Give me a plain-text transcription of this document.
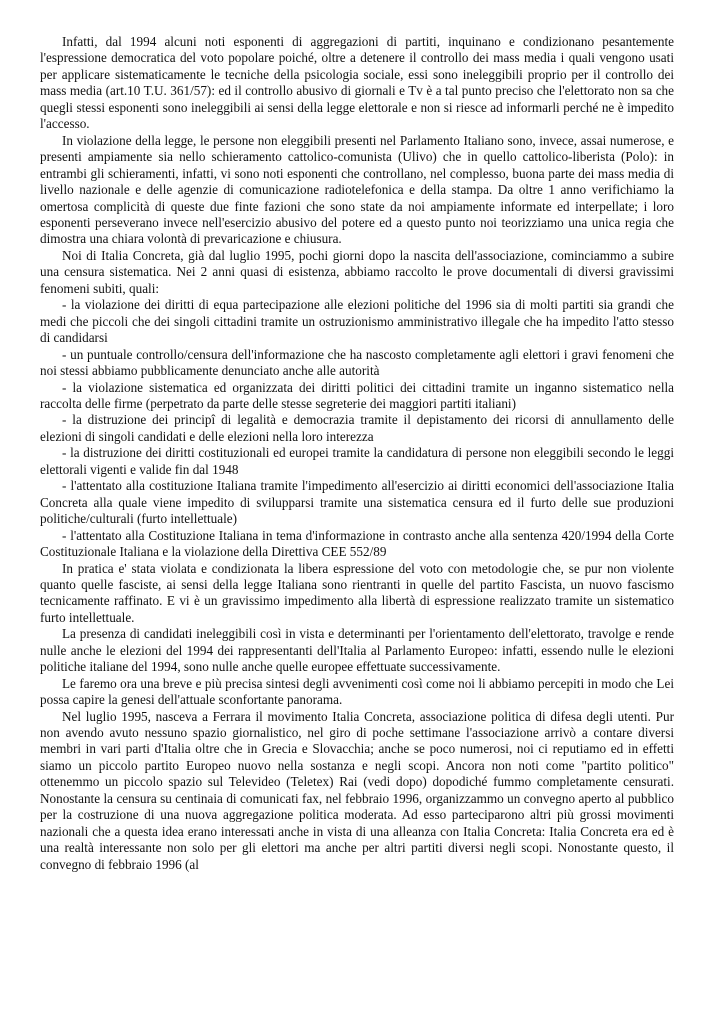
Infatti, dal 1994 alcuni noti esponenti di aggregazioni di partiti, inquinano e condizionano pesantemente l'espressione democratica del voto popolare poiché, oltre a detenere il controllo dei mass media i quali vengono usati per applicare sistematicamente le tecniche della psicologia sociale, essi sono ineleggibili proprio per il controllo dei mass media (art.10 T.U. 361/57): ed il controllo abusivo di giornali e Tv è a tal punto preciso che l'elettorato non sa che quegli stessi esponenti sono ineleggibili ai sensi della legge elettorale e non si riesce ad informarli perché ne è impedito l'accesso.

In violazione della legge, le persone non eleggibili presenti nel Parlamento Italiano sono, invece, assai numerose, e presenti ampiamente sia nello schieramento cattolico-comunista (Ulivo) che in quello cattolico-liberista (Polo): in entrambi gli schieramenti, infatti, vi sono noti esponenti che controllano, nel complesso, buona parte dei mass media di livello nazionale e delle agenzie di comunicazione radiotelefonica e della stampa. Da oltre 1 anno verifichiamo la omertosa complicità di queste due finte fazioni che sono state da noi ampiamente informate ed interpellate; i loro esponenti perseverano invece nell'esercizio abusivo del potere ed a questo punto noi teorizziamo una unica regia che dimostra una chiara volontà di prevaricazione e chiusura.

Noi di Italia Concreta, già dal luglio 1995, pochi giorni dopo la nascita dell'associazione, cominciammo a subire una censura sistematica. Nei 2 anni quasi di esistenza, abbiamo raccolto le prove documentali di diversi gravissimi fenomeni subiti, quali:

- la violazione dei diritti di equa partecipazione alle elezioni politiche del 1996 sia di molti partiti sia grandi che medi che piccoli che dei singoli cittadini tramite un ostruzionismo amministrativo illegale che ha impedito l'atto stesso di candidarsi

- un puntuale controllo/censura dell'informazione che ha nascosto completamente agli elettori i gravi fenomeni che noi stessi abbiamo pubblicamente denunciato anche alle autorità

- la violazione sistematica ed organizzata dei diritti politici dei cittadini tramite un inganno sistematico nella raccolta delle firme (perpetrato da parte delle stesse segreterie dei maggiori partiti italiani)

- la distruzione dei principî di legalità e democrazia tramite il depistamento dei ricorsi di annullamento delle elezioni di singoli candidati e delle elezioni nella loro interezza

- la distruzione dei diritti costituzionali ed europei tramite la candidatura di persone non eleggibili secondo le leggi elettorali vigenti e valide fin dal 1948

- l'attentato alla costituzione Italiana tramite l'impedimento all'esercizio ai diritti economici dell'associazione Italia Concreta alla quale viene impedito di svilupparsi tramite una sistematica censura ed il furto delle sue produzioni politiche/culturali (furto intellettuale)

- l'attentato alla Costituzione Italiana in tema d'informazione in contrasto anche alla sentenza 420/1994 della Corte Costituzionale Italiana e la violazione della Direttiva CEE 552/89

In pratica e' stata violata e condizionata la libera espressione del voto con metodologie che, se pur non violente quanto quelle fasciste, ai sensi della legge Italiana sono rientranti in quelle del partito Fascista, un nuovo fascismo tecnicamente raffinato. E vi è un gravissimo impedimento alla libertà di espressione realizzato tramite un sistematico furto intellettuale.

La presenza di candidati ineleggibili così in vista e determinanti per l'orientamento dell'elettorato, travolge e rende nulle anche le elezioni del 1994 dei rappresentanti dell'Italia al Parlamento Europeo: infatti, essendo nulle le elezioni politiche italiane del 1994, sono nulle anche quelle europee effettuate successivamente.

Le faremo ora una breve e più precisa sintesi degli avvenimenti così come noi li abbiamo percepiti in modo che Lei possa capire la genesi dell'attuale sconfortante panorama.

Nel luglio 1995, nasceva a Ferrara il movimento Italia Concreta, associazione politica di difesa degli utenti. Pur non avendo avuto nessuno spazio giornalistico, nel giro di poche settimane l'associazione arrivò a contare diversi membri in vari parti d'Italia oltre che in Grecia e Slovacchia; anche se poco numerosi, noi ci reputiamo ed in effetti siamo un piccolo partito Europeo nuovo nella sostanza e negli scopi. Ancora non noti come "partito politico" ottenemmo un piccolo spazio sul Televideo (Teletex) Rai (vedi dopo) dopodiché fummo completamente censurati. Nonostante la censura su centinaia di comunicati fax, nel febbraio 1996, organizzammo un convegno aperto al pubblico per la costruzione di una nuova aggregazione politica moderata. Ad esso parteciparono altri più grossi movimenti nazionali che a questa idea erano interessati anche in vista di una alleanza con Italia Concreta: Italia Concreta era ed è una realtà interessante non solo per gli elettori ma anche per altri partiti diversi negli scopi. Nonostante questo, il convegno di febbraio 1996 (al
